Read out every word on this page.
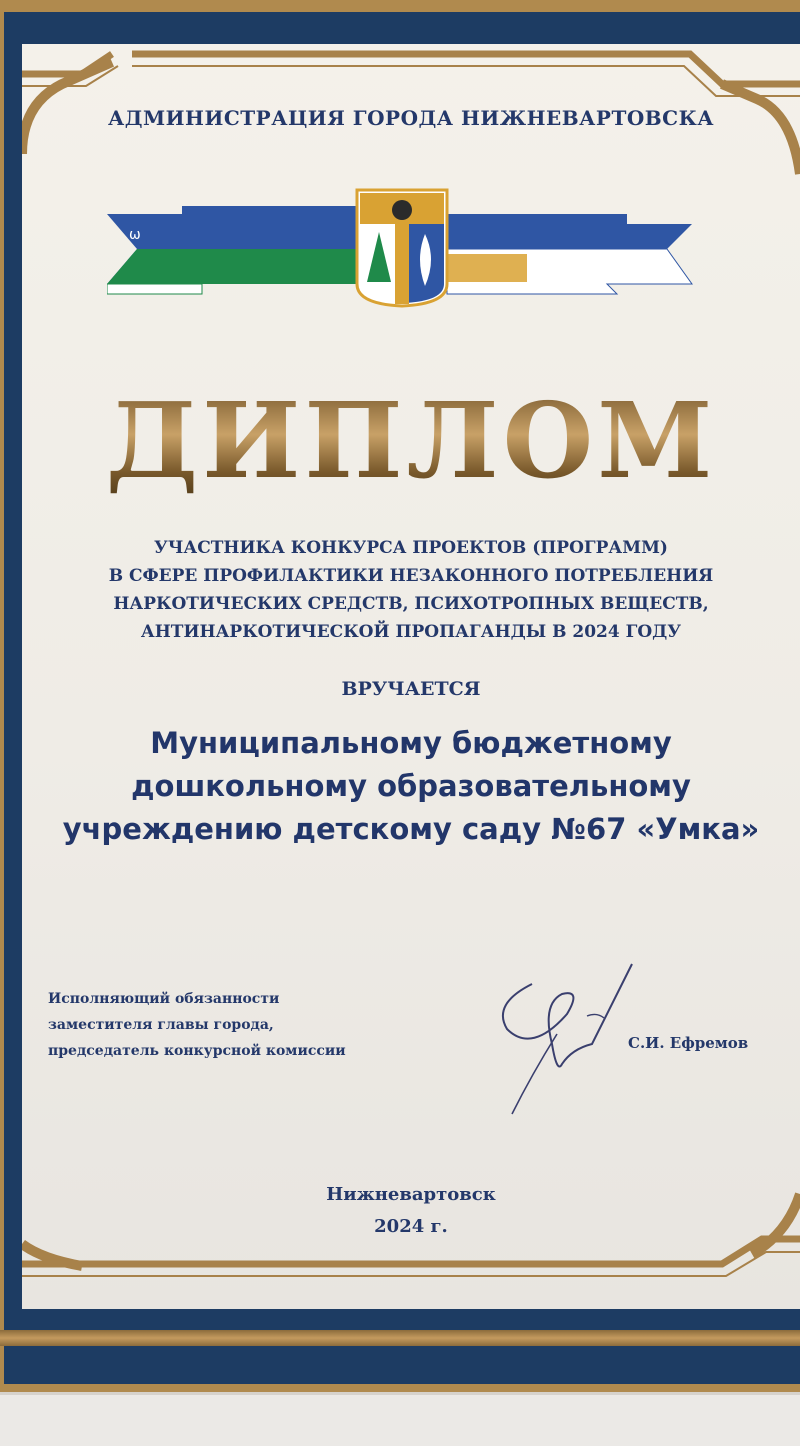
АДМИНИСТРАЦИЯ ГОРОДА НИЖНЕВАРТОВСКА
ѡ
ДИПЛОМ
УЧАСТНИКА КОНКУРСА ПРОЕКТОВ (ПРОГРАММ)
В СФЕРЕ ПРОФИЛАКТИКИ НЕЗАКОННОГО ПОТРЕБЛЕНИЯ
НАРКОТИЧЕСКИХ СРЕДСТВ, ПСИХОТРОПНЫХ ВЕЩЕСТВ,
АНТИНАРКОТИЧЕСКОЙ ПРОПАГАНДЫ В 2024 ГОДУ
ВРУЧАЕТСЯ
Муниципальному бюджетному
дошкольному образовательному
учреждению детскому саду №67 «Умка»
Исполняющий обязанности
заместителя главы города,
председатель конкурсной комиссии	С.И. Ефремов
Нижневартовск
2024 г.
